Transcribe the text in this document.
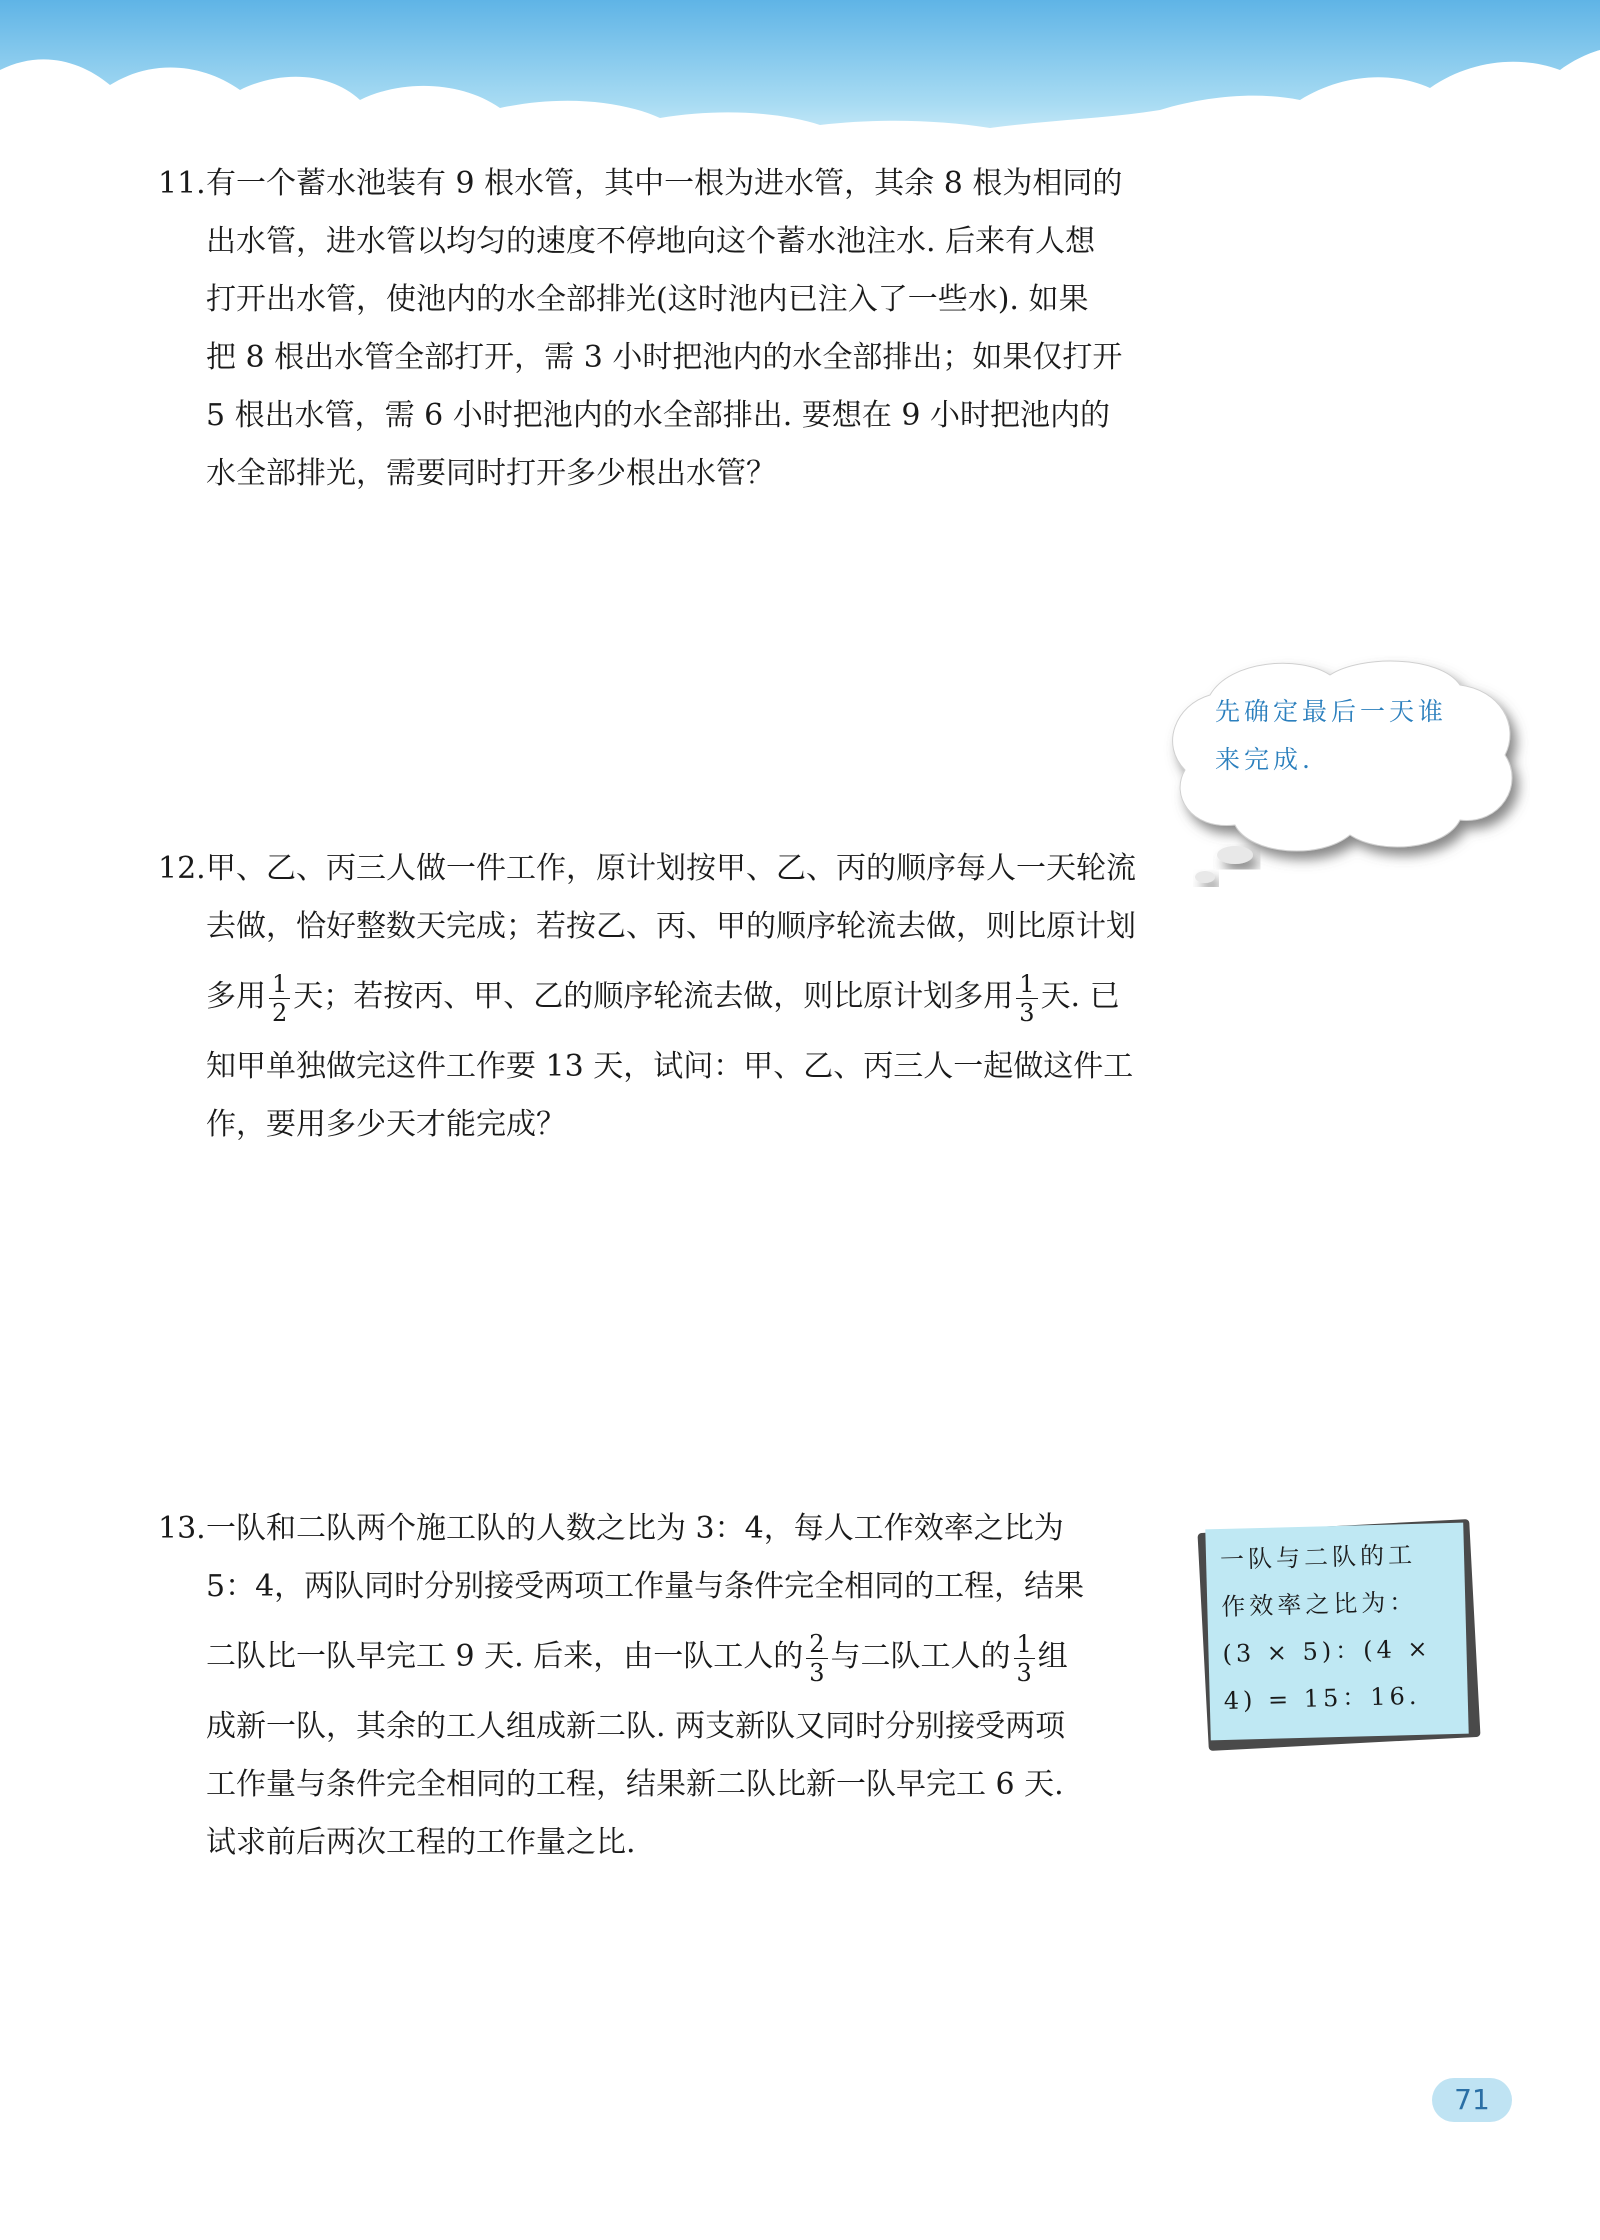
11.有一个蓄水池装有 9 根水管，其中一根为进水管，其余 8 根为相同的
出水管，进水管以均匀的速度不停地向这个蓄水池注水. 后来有人想
打开出水管，使池内的水全部排光(这时池内已注入了一些水). 如果
把 8 根出水管全部打开，需 3 小时把池内的水全部排出；如果仅打开
5 根出水管，需 6 小时把池内的水全部排出. 要想在 9 小时把池内的
水全部排光，需要同时打开多少根出水管？
先确定最后一天谁
来完成.
12.甲、乙、丙三人做一件工作，原计划按甲、乙、丙的顺序每人一天轮流
去做，恰好整数天完成；若按乙、丙、甲的顺序轮流去做，则比原计划
多用 $\frac{1}{2}$ 天；若按丙、甲、乙的顺序轮流去做，则比原计划多用 $\frac{1}{3}$ 天. 已
知甲单独做完这件工作要 13 天，试问：甲、乙、丙三人一起做这件工
作，要用多少天才能完成？
13.一队和二队两个施工队的人数之比为 3：4，每人工作效率之比为
5：4，两队同时分别接受两项工作量与条件完全相同的工程，结果
二队比一队早完工 9 天. 后来，由一队工人的 $\frac{2}{3}$ 与二队工人的 $\frac{1}{3}$ 组
成新一队，其余的工人组成新二队. 两支新队又同时分别接受两项
工作量与条件完全相同的工程，结果新二队比新一队早完工 6 天.
试求前后两次工程的工作量之比.
一队与二队的工
作效率之比为：
(3 × 5)：(4 ×
4) = 15：16.
71
